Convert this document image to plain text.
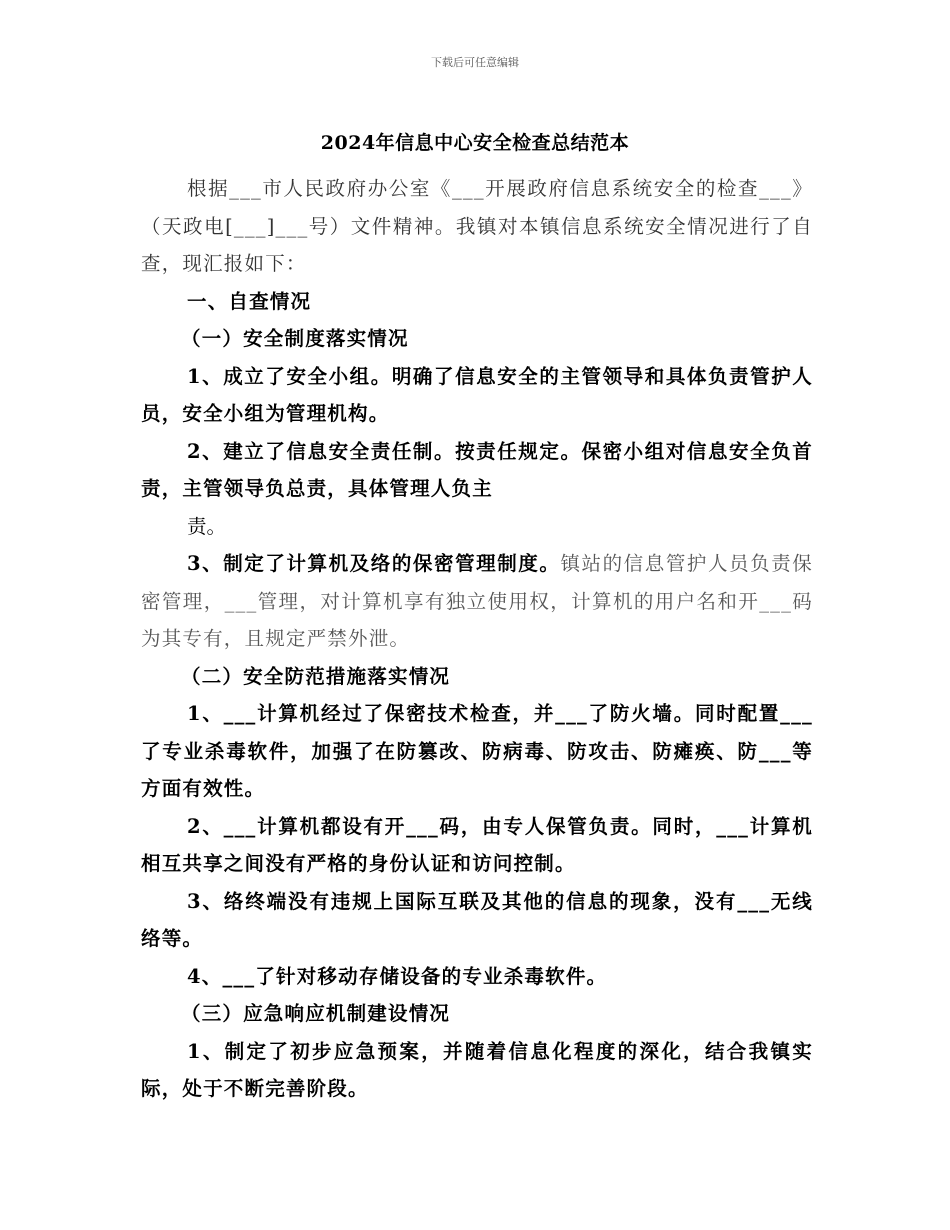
下载后可任意编辑
2024年信息中心安全检查总结范本

根据___市人民政府办公室《___开展政府信息系统安全的检查___》（天政电[___]___号）文件精神。我镇对本镇信息系统安全情况进行了自查，现汇报如下：

一、自查情况

（一）安全制度落实情况

1、成立了安全小组。明确了信息安全的主管领导和具体负责管护人员，安全小组为管理机构。

2、建立了信息安全责任制。按责任规定。保密小组对信息安全负首责，主管领导负总责，具体管理人负主

责。

3、制定了计算机及络的保密管理制度。镇站的信息管护人员负责保密管理，___管理，对计算机享有独立使用权，计算机的用户名和开___码为其专有，且规定严禁外泄。

（二）安全防范措施落实情况

1、___计算机经过了保密技术检查，并___了防火墙。同时配置___了专业杀毒软件，加强了在防篡改、防病毒、防攻击、防瘫痪、防___等方面有效性。

2、___计算机都设有开___码，由专人保管负责。同时，___计算机相互共享之间没有严格的身份认证和访问控制。

3、络终端没有违规上国际互联及其他的信息的现象，没有___无线络等。

4、___了针对移动存储设备的专业杀毒软件。

（三）应急响应机制建设情况

1、制定了初步应急预案，并随着信息化程度的深化，结合我镇实际，处于不断完善阶段。
